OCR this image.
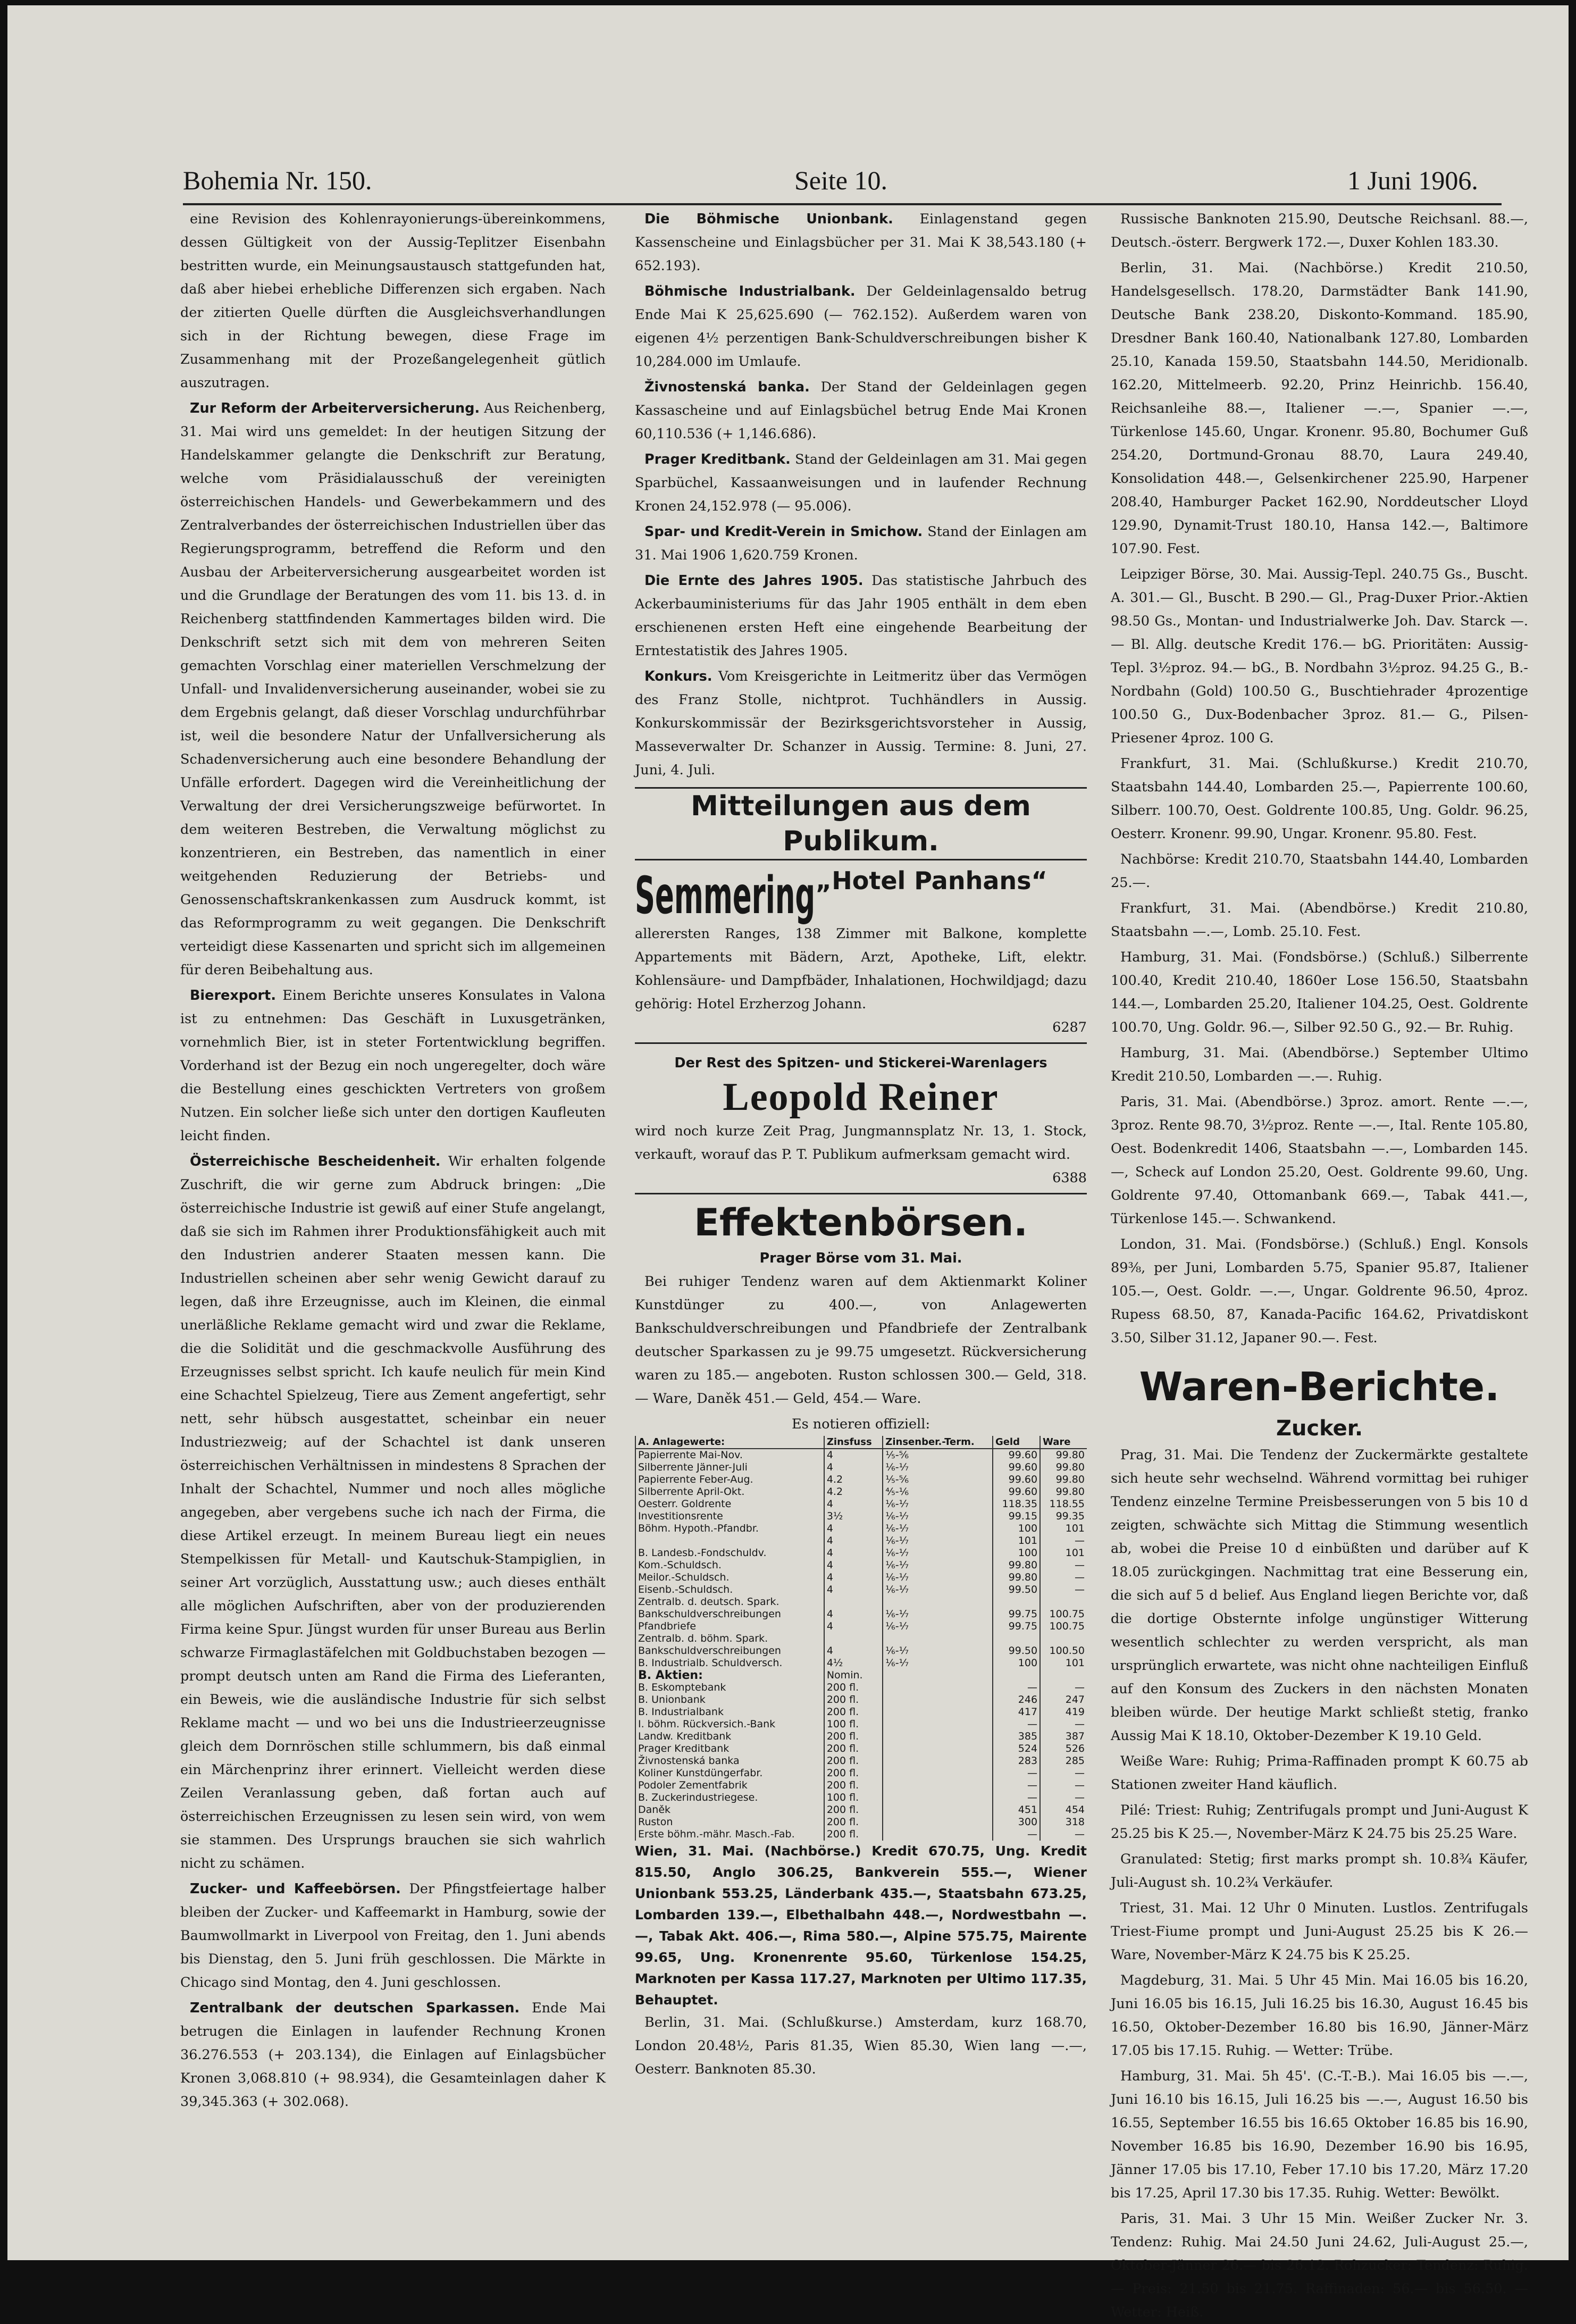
Bohemia Nr. 150.	Seite 10.	1 Juni 1906.

eine Revision des Kohlenrayonierungs-übereinkommens, dessen Gültigkeit von der Aussig-Teplitzer Eisenbahn bestritten wurde, ein Meinungsaustausch stattgefunden hat, daß aber hiebei erhebliche Differenzen sich ergaben. Nach der zitierten Quelle dürften die Ausgleichsverhandlungen sich in der Richtung bewegen, diese Frage im Zusammenhang mit der Prozeßangelegenheit gütlich auszutragen.

Zur Reform der Arbeiterversicherung. Aus Reichenberg, 31. Mai wird uns gemeldet: In der heutigen Sitzung der Handelskammer gelangte die Denkschrift zur Beratung, welche vom Präsidialausschuß der vereinigten österreichischen Handels- und Gewerbekammern und des Zentralverbandes der österreichischen Industriellen über das Regierungsprogramm, betreffend die Reform und den Ausbau der Arbeiterversicherung ausgearbeitet worden ist und die Grundlage der Beratungen des vom 11. bis 13. d. in Reichenberg stattfindenden Kammertages bilden wird. Die Denkschrift setzt sich mit dem von mehreren Seiten gemachten Vorschlag einer materiellen Verschmelzung der Unfall- und Invalidenversicherung auseinander, wobei sie zu dem Ergebnis gelangt, daß dieser Vorschlag undurchführbar ist, weil die besondere Natur der Unfallversicherung als Schadenversicherung auch eine besondere Behandlung der Unfälle erfordert. Dagegen wird die Vereinheitlichung der Verwaltung der drei Versicherungszweige befürwortet. In dem weiteren Bestreben, die Verwaltung möglichst zu konzentrieren, ein Bestreben, das namentlich in einer weitgehenden Reduzierung der Betriebs- und Genossenschaftskrankenkassen zum Ausdruck kommt, ist das Reformprogramm zu weit gegangen. Die Denkschrift verteidigt diese Kassenarten und spricht sich im allgemeinen für deren Beibehaltung aus.

Bierexport. Einem Berichte unseres Konsulates in Valona ist zu entnehmen: Das Geschäft in Luxusgetränken, vornehmlich Bier, ist in steter Fortentwicklung begriffen. Vorderhand ist der Bezug ein noch ungeregelter, doch wäre die Bestellung eines geschickten Vertreters von großem Nutzen. Ein solcher ließe sich unter den dortigen Kaufleuten leicht finden.

Österreichische Bescheidenheit. Wir erhalten folgende Zuschrift, die wir gerne zum Abdruck bringen: „Die österreichische Industrie ist gewiß auf einer Stufe angelangt, daß sie sich im Rahmen ihrer Produktionsfähigkeit auch mit den Industrien anderer Staaten messen kann. Die Industriellen scheinen aber sehr wenig Gewicht darauf zu legen, daß ihre Erzeugnisse, auch im Kleinen, die einmal unerläßliche Reklame gemacht wird und zwar die Reklame, die die Solidität und die geschmackvolle Ausführung des Erzeugnisses selbst spricht. Ich kaufe neulich für mein Kind eine Schachtel Spielzeug, Tiere aus Zement angefertigt, sehr nett, sehr hübsch ausgestattet, scheinbar ein neuer Industriezweig; auf der Schachtel ist dank unseren österreichischen Verhältnissen in mindestens 8 Sprachen der Inhalt der Schachtel, Nummer und noch alles mögliche angegeben, aber vergebens suche ich nach der Firma, die diese Artikel erzeugt. In meinem Bureau liegt ein neues Stempelkissen für Metall- und Kautschuk-Stampiglien, in seiner Art vorzüglich, Ausstattung usw.; auch dieses enthält alle möglichen Aufschriften, aber von der produzierenden Firma keine Spur. Jüngst wurden für unser Bureau aus Berlin schwarze Firmaglastäfelchen mit Goldbuchstaben bezogen — prompt deutsch unten am Rand die Firma des Lieferanten, ein Beweis, wie die ausländische Industrie für sich selbst Reklame macht — und wo bei uns die Industrieerzeugnisse gleich dem Dornröschen stille schlummern, bis daß einmal ein Märchenprinz ihrer erinnert. Vielleicht werden diese Zeilen Veranlassung geben, daß fortan auch auf österreichischen Erzeugnissen zu lesen sein wird, von wem sie stammen. Des Ursprungs brauchen sie sich wahrlich nicht zu schämen.

Zucker- und Kaffeebörsen. Der Pfingstfeiertage halber bleiben der Zucker- und Kaffeemarkt in Hamburg, sowie der Baumwollmarkt in Liverpool von Freitag, den 1. Juni abends bis Dienstag, den 5. Juni früh geschlossen. Die Märkte in Chicago sind Montag, den 4. Juni geschlossen.

Zentralbank der deutschen Sparkassen. Ende Mai betrugen die Einlagen in laufender Rechnung Kronen 36.276.553 (+ 203.134), die Einlagen auf Einlagsbücher Kronen 3,068.810 (+ 98.934), die Gesamteinlagen daher K 39,345.363 (+ 302.068).

Die Böhmische Unionbank. Einlagenstand gegen Kassenscheine und Einlagsbücher per 31. Mai K 38,543.180 (+ 652.193).

Böhmische Industrialbank. Der Geldeinlagensaldo betrug Ende Mai K 25,625.690 (— 762.152). Außerdem waren von eigenen 4½ perzentigen Bank-Schuldverschreibungen bisher K 10,284.000 im Umlaufe.

Živnostenská banka. Der Stand der Geldeinlagen gegen Kassascheine und auf Einlagsbüchel betrug Ende Mai Kronen 60,110.536 (+ 1,146.686).

Prager Kreditbank. Stand der Geldeinlagen am 31. Mai gegen Sparbüchel, Kassaanweisungen und in laufender Rechnung Kronen 24,152.978 (— 95.006).

Spar- und Kredit-Verein in Smichow. Stand der Einlagen am 31. Mai 1906 1,620.759 Kronen.

Die Ernte des Jahres 1905. Das statistische Jahrbuch des Ackerbauministeriums für das Jahr 1905 enthält in dem eben erschienenen ersten Heft eine eingehende Bearbeitung der Erntestatistik des Jahres 1905.

Konkurs. Vom Kreisgerichte in Leitmeritz über das Vermögen des Franz Stolle, nichtprot. Tuchhändlers in Aussig. Konkurskommissär der Bezirksgerichtsvorsteher in Aussig, Masseverwalter Dr. Schanzer in Aussig. Termine: 8. Juni, 27. Juni, 4. Juli.

Mitteilungen aus dem Publikum.
Semmering „Hotel Panhans“
allerersten Ranges, 138 Zimmer mit Balkone, komplette Appartements mit Bädern, Arzt, Apotheke, Lift, elektr. Kohlensäure- und Dampfbäder, Inhalationen, Hochwildjagd; dazu gehörig: Hotel Erzherzog Johann.
6287
Der Rest des Spitzen- und Stickerei-Warenlagers
Leopold Reiner
wird noch kurze Zeit Prag, Jungmannsplatz Nr. 13, 1. Stock, verkauft, worauf das P. T. Publikum aufmerksam gemacht wird.
6388
Effektenbörsen.
Prager Börse vom 31. Mai.

Bei ruhiger Tendenz waren auf dem Aktienmarkt Koliner Kunstdünger zu 400.—, von Anlagewerten Bankschuldverschreibungen und Pfandbriefe der Zentralbank deutscher Sparkassen zu je 99.75 umgesetzt. Rückversicherung waren zu 185.— angeboten. Ruston schlossen 300.— Geld, 318.— Ware, Daněk 451.— Geld, 454.— Ware.

Es notieren offiziell:
A. Anlagewerte:	Zinsfuss	Zinsenber.-Term.	Geld	Ware
Papierrente Mai-Nov.	4	⅕-⅚	99.60	99.80
Silberrente Jänner-Juli	4	⅙-⅐	99.60	99.80
Papierrente Feber-Aug.	4.2	⅕-⅚	99.60	99.80
Silberrente April-Okt.	4.2	⅘-⅙	99.60	99.80
Oesterr. Goldrente	4	⅙-⅐	118.35	118.55
Investitionsrente	3½	⅙-⅐	99.15	99.35
Böhm. Hypoth.-Pfandbr.	4	⅙-⅐	100	101
	4	⅙-⅐	101	—
B. Landesb.-Fondschuldv.	4	⅙-⅐	100	101
Kom.-Schuldsch.	4	⅙-⅐	99.80	—
Meilor.-Schuldsch.	4	⅙-⅐	99.80	—
Eisenb.-Schuldsch.	4	⅙-⅐	99.50	—
Zentralb. d. deutsch. Spark.				
Bankschuldverschreibungen	4	⅙-⅐	99.75	100.75
Pfandbriefe	4	⅙-⅐	99.75	100.75
Zentralb. d. böhm. Spark.				
Bankschuldverschreibungen	4	⅙-⅐	99.50	100.50
B. Industrialb. Schuldversch.	4½	⅙-⅐	100	101
B. Aktien:	Nomin.			
B. Eskomptebank	200 fl.		—	—
B. Unionbank	200 fl.		246	247
B. Industrialbank	200 fl.		417	419
I. böhm. Rückversich.-Bank	100 fl.		—	—
Landw. Kreditbank	200 fl.		385	387
Prager Kreditbank	200 fl.		524	526
Živnostenská banka	200 fl.		283	285
Koliner Kunstdüngerfabr.	200 fl.		—	—
Podoler Zementfabrik	200 fl.		—	—
B. Zuckerindustriegese.	100 fl.		—	—
Daněk	200 fl.		451	454
Ruston	200 fl.		300	318
Erste böhm.-mähr. Masch.-Fab.	200 fl.		—	—
Wien, 31. Mai. (Nachbörse.) Kredit 670.75, Ung. Kredit 815.50, Anglo 306.25, Bankverein 555.—, Wiener Unionbank 553.25, Länderbank 435.—, Staatsbahn 673.25, Lombarden 139.—, Elbethalbahn 448.—, Nordwestbahn —.—, Tabak Akt. 406.—, Rima 580.—, Alpine 575.75, Mairente 99.65, Ung. Kronenrente 95.60, Türkenlose 154.25, Marknoten per Kassa 117.27, Marknoten per Ultimo 117.35, Behauptet.

Berlin, 31. Mai. (Schlußkurse.) Amsterdam, kurz 168.70, London 20.48½, Paris 81.35, Wien 85.30, Wien lang —.—, Oesterr. Banknoten 85.30.

Russische Banknoten 215.90, Deutsche Reichsanl. 88.—, Deutsch.-österr. Bergwerk 172.—, Duxer Kohlen 183.30.

Berlin, 31. Mai. (Nachbörse.) Kredit 210.50, Handelsgesellsch. 178.20, Darmstädter Bank 141.90, Deutsche Bank 238.20, Diskonto-Kommand. 185.90, Dresdner Bank 160.40, Nationalbank 127.80, Lombarden 25.10, Kanada 159.50, Staatsbahn 144.50, Meridionalb. 162.20, Mittelmeerb. 92.20, Prinz Heinrichb. 156.40, Reichsanleihe 88.—, Italiener —.—, Spanier —.—, Türkenlose 145.60, Ungar. Kronenr. 95.80, Bochumer Guß 254.20, Dortmund-Gronau 88.70, Laura 249.40, Konsolidation 448.—, Gelsenkirchener 225.90, Harpener 208.40, Hamburger Packet 162.90, Norddeutscher Lloyd 129.90, Dynamit-Trust 180.10, Hansa 142.—, Baltimore 107.90. Fest.

Leipziger Börse, 30. Mai. Aussig-Tepl. 240.75 Gs., Buscht. A. 301.— Gl., Buscht. B 290.— Gl., Prag-Duxer Prior.-Aktien 98.50 Gs., Montan- und Industrialwerke Joh. Dav. Starck —.— Bl. Allg. deutsche Kredit 176.— bG. Prioritäten: Aussig-Tepl. 3½proz. 94.— bG., B. Nordbahn 3½proz. 94.25 G., B.-Nordbahn (Gold) 100.50 G., Buschtiehrader 4prozentige 100.50 G., Dux-Bodenbacher 3proz. 81.— G., Pilsen-Priesener 4proz. 100 G.

Frankfurt, 31. Mai. (Schlußkurse.) Kredit 210.70, Staatsbahn 144.40, Lombarden 25.—, Papierrente 100.60, Silberr. 100.70, Oest. Goldrente 100.85, Ung. Goldr. 96.25, Oesterr. Kronenr. 99.90, Ungar. Kronenr. 95.80. Fest.

Nachbörse: Kredit 210.70, Staatsbahn 144.40, Lombarden 25.—.

Frankfurt, 31. Mai. (Abendbörse.) Kredit 210.80, Staatsbahn —.—, Lomb. 25.10. Fest.

Hamburg, 31. Mai. (Fondsbörse.) (Schluß.) Silberrente 100.40, Kredit 210.40, 1860er Lose 156.50, Staatsbahn 144.—, Lombarden 25.20, Italiener 104.25, Oest. Goldrente 100.70, Ung. Goldr. 96.—, Silber 92.50 G., 92.— Br. Ruhig.

Hamburg, 31. Mai. (Abendbörse.) September Ultimo Kredit 210.50, Lombarden —.—. Ruhig.

Paris, 31. Mai. (Abendbörse.) 3proz. amort. Rente —.—, 3proz. Rente 98.70, 3½proz. Rente —.—, Ital. Rente 105.80, Oest. Bodenkredit 1406, Staatsbahn —.—, Lombarden 145.—, Scheck auf London 25.20, Oest. Goldrente 99.60, Ung. Goldrente 97.40, Ottomanbank 669.—, Tabak 441.—, Türkenlose 145.—. Schwankend.

London, 31. Mai. (Fondsbörse.) (Schluß.) Engl. Konsols 89⅜, per Juni, Lombarden 5.75, Spanier 95.87, Italiener 105.—, Oest. Goldr. —.—, Ungar. Goldrente 96.50, 4proz. Rupess 68.50, 87, Kanada-Pacific 164.62, Privatdiskont 3.50, Silber 31.12, Japaner 90.—. Fest.

Waren-Berichte.
Zucker.

Prag, 31. Mai. Die Tendenz der Zuckermärkte gestaltete sich heute sehr wechselnd. Während vormittag bei ruhiger Tendenz einzelne Termine Preisbesserungen von 5 bis 10 d zeigten, schwächte sich Mittag die Stimmung wesentlich ab, wobei die Preise 10 d einbüßten und darüber auf K 18.05 zurückgingen. Nachmittag trat eine Besserung ein, die sich auf 5 d belief. Aus England liegen Berichte vor, daß die dortige Obsternte infolge ungünstiger Witterung wesentlich schlechter zu werden verspricht, als man ursprünglich erwartete, was nicht ohne nachteiligen Einfluß auf den Konsum des Zuckers in den nächsten Monaten bleiben würde. Der heutige Markt schließt stetig, franko Aussig Mai K 18.10, Oktober-Dezember K 19.10 Geld.

Weiße Ware: Ruhig; Prima-Raffinaden prompt K 60.75 ab Stationen zweiter Hand käuflich.

Pilé: Triest: Ruhig; Zentrifugals prompt und Juni-August K 25.25 bis K 25.—, November-März K 24.75 bis 25.25 Ware.

Granulated: Stetig; first marks prompt sh. 10.8¾ Käufer, Juli-August sh. 10.2¾ Verkäufer.

Triest, 31. Mai. 12 Uhr 0 Minuten. Lustlos. Zentrifugals Triest-Fiume prompt und Juni-August 25.25 bis K 26.— Ware, November-März K 24.75 bis K 25.25.

Magdeburg, 31. Mai. 5 Uhr 45 Min. Mai 16.05 bis 16.20, Juni 16.05 bis 16.15, Juli 16.25 bis 16.30, August 16.45 bis 16.50, Oktober-Dezember 16.80 bis 16.90, Jänner-März 17.05 bis 17.15. Ruhig. — Wetter: Trübe.

Hamburg, 31. Mai. 5h 45'. (C.-T.-B.). Mai 16.05 bis —.—, Juni 16.10 bis 16.15, Juli 16.25 bis —.—, August 16.50 bis 16.55, September 16.55 bis 16.65 Oktober 16.85 bis 16.90, November 16.85 bis 16.90, Dezember 16.90 bis 16.95, Jänner 17.05 bis 17.10, Feber 17.10 bis 17.20, März 17.20 bis 17.25, April 17.30 bis 17.35. Ruhig. Wetter: Bewölkt.

Paris, 31. Mai. 3 Uhr 15 Min. Weißer Zucker Nr. 3. Tendenz: Ruhig. Mai 24.50 Juni 24.62, Juli-August 25.—, Oktober-Jänner 26.— bis 26.12. Rohzucker: Tendenz: Ruhig. — Preis: 21.50 bis 21.75. Raffinaden: 56.— bis 56.50. — Wetter: Heiß.
